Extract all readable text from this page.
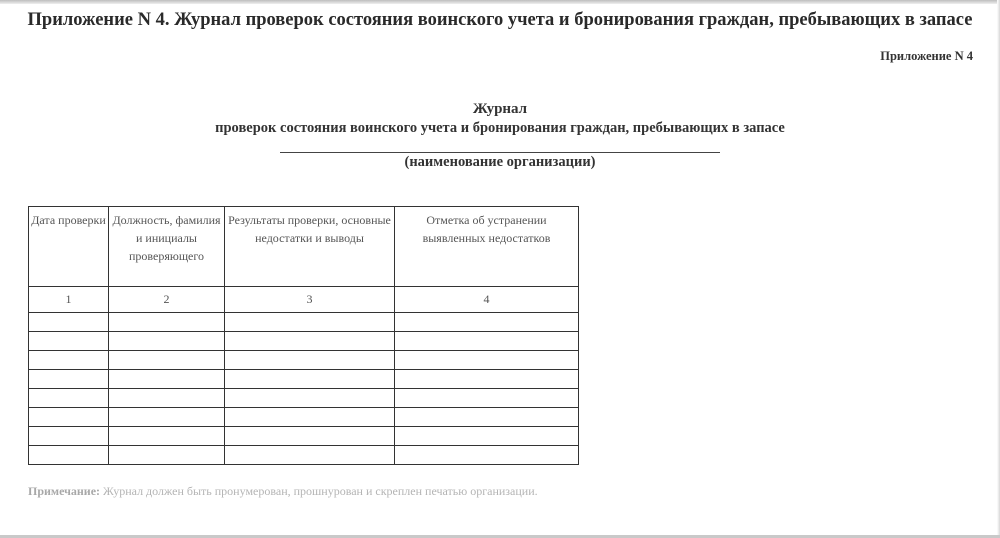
Приложение N 4. Журнал проверок состояния воинского учета и бронирования граждан, пребывающих в запасе
Приложение N 4
Журнал
проверок состояния воинского учета и бронирования граждан, пребывающих в запасе
(наименование организации)
Дата проверки	Должность, фамилия и инициалы проверяющего	Результаты проверки, основные недостатки и выводы	Отметка об устранении выявленных недостатков
1	2	3	4

Примечание: Журнал должен быть пронумерован, прошнурован и скреплен печатью организации.
